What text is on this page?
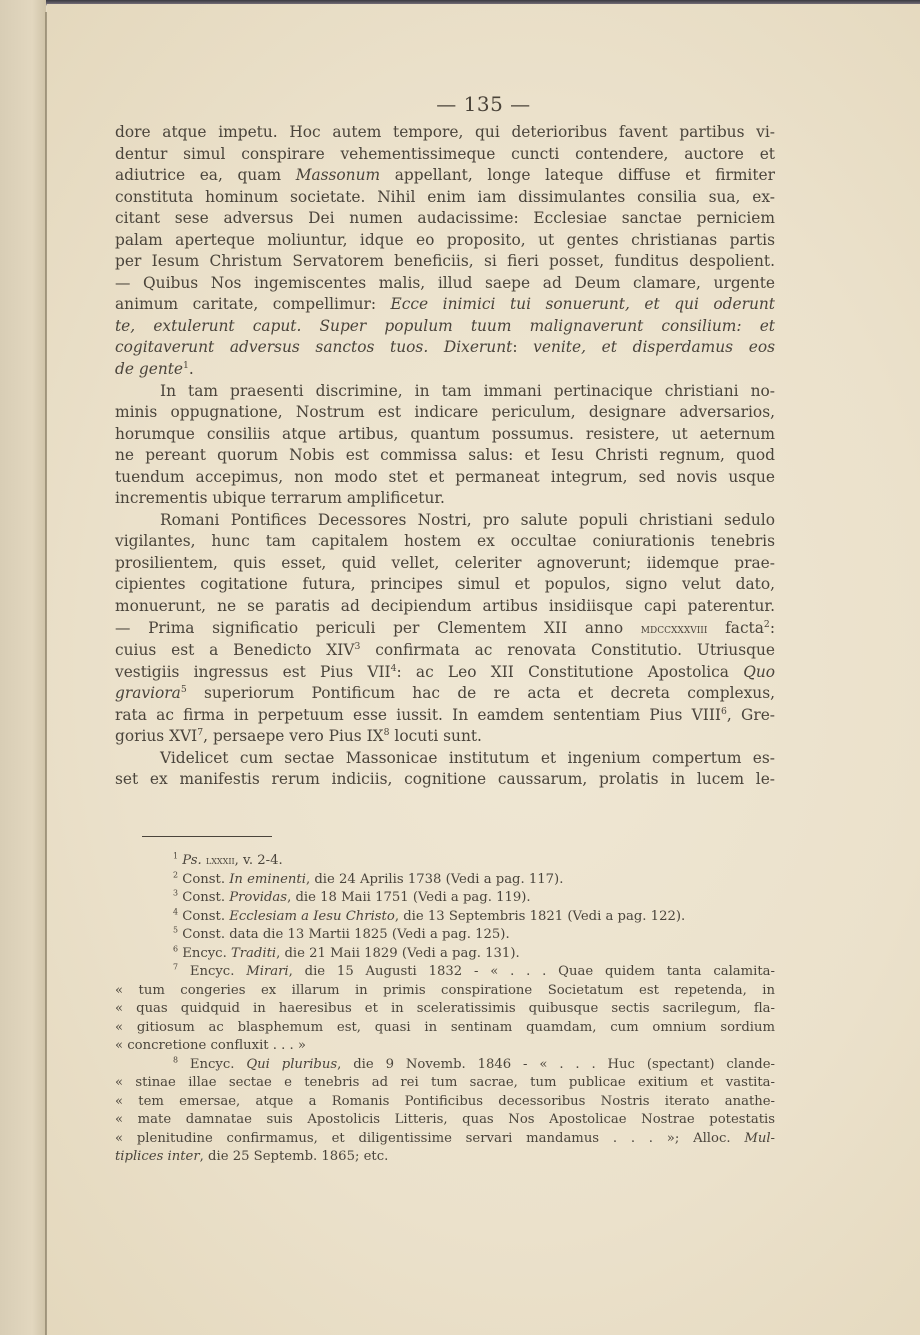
— 135 —
dore atque impetu. Hoc autem tempore, qui deterioribus favent partibus vi-
dentur simul conspirare vehementissimeque cuncti contendere, auctore et
adiutrice ea, quam Massonum appellant, longe lateque diffuse et firmiter
constituta hominum societate. Nihil enim iam dissimulantes consilia sua, ex-
citant sese adversus Dei numen audacissime: Ecclesiae sanctae perniciem
palam aperteque moliuntur, idque eo proposito, ut gentes christianas partis
per Iesum Christum Servatorem beneficiis, si fieri posset, funditus despolient.
— Quibus Nos ingemiscentes malis, illud saepe ad Deum clamare, urgente
animum caritate, compellimur: Ecce inimici tui sonuerunt, et qui oderunt
te, extulerunt caput. Super populum tuum malignaverunt consilium: et
cogitaverunt adversus sanctos tuos. Dixerunt: venite, et disperdamus eos
de gente$^1$.
In tam praesenti discrimine, in tam immani pertinacique christiani no-
minis oppugnatione, Nostrum est indicare periculum, designare adversarios,
horumque consiliis atque artibus, quantum possumus. resistere, ut aeternum
ne pereant quorum Nobis est commissa salus: et Iesu Christi regnum, quod
tuendum accepimus, non modo stet et permaneat integrum, sed novis usque
incrementis ubique terrarum amplificetur.
Romani Pontifices Decessores Nostri, pro salute populi christiani sedulo
vigilantes, hunc tam capitalem hostem ex occultae coniurationis tenebris
prosilientem, quis esset, quid vellet, celeriter agnoverunt; iidemque prae-
cipientes cogitatione futura, principes simul et populos, signo velut dato,
monuerunt, ne se paratis ad decipiendum artibus insidiisque capi paterentur.
— Prima significatio periculi per Clementem XII anno mdccxxxviii facta$^2$:
cuius est a Benedicto XIV$^3$ confirmata ac renovata Constitutio. Utriusque
vestigiis ingressus est Pius VII$^4$: ac Leo XII Constitutione Apostolica Quo
graviora$^5$ superiorum Pontificum hac de re acta et decreta complexus,
rata ac firma in perpetuum esse iussit. In eamdem sententiam Pius VIII$^6$, Gre-
gorius XVI$^7$, persaepe vero Pius $IX^8$ locuti sunt.
Videlicet cum sectae Massonicae institutum et ingenium compertum es-
set ex manifestis rerum indiciis, cognitione caussarum, prolatis in lucem le-
$^1$ Ps. lxxxii, v. 2-4.
$^2$ Const. In eminenti, die 24 Aprilis 1738 (Vedi a pag. 117).
$^3$ Const. Providas, die 18 Maii 1751 (Vedi a pag. 119).
$^4$ Const. Ecclesiam a Iesu Christo, die 13 Septembris 1821 (Vedi a pag. 122).
$^5$ Const. data die 13 Martii 1825 (Vedi a pag. 125).
$^6$ Encyc. Traditi, die 21 Maii 1829 (Vedi a pag. 131).
$^7$ Encyc. Mirari, die 15 Augusti 1832 - « . . . Quae quidem tanta calamita-
« tum congeries ex illarum in primis conspiratione Societatum est repetenda, in
« quas quidquid in haeresibus et in sceleratissimis quibusque sectis sacrilegum, fla-
« gitiosum ac blasphemum est, quasi in sentinam quamdam, cum omnium sordium
« concretione confluxit . . . »
$^8$ Encyc. Qui pluribus, die 9 Novemb. 1846 - « . . . Huc (spectant) clande-
« stinae illae sectae e tenebris ad rei tum sacrae, tum publicae exitium et vastita-
« tem emersae, atque a Romanis Pontificibus decessoribus Nostris iterato anathe-
« mate damnatae suis Apostolicis Litteris, quas Nos Apostolicae Nostrae potestatis
« plenitudine confirmamus, et diligentissime servari mandamus . . . »; Alloc. Mul-
tiplices inter, die 25 Septemb. 1865; etc.
